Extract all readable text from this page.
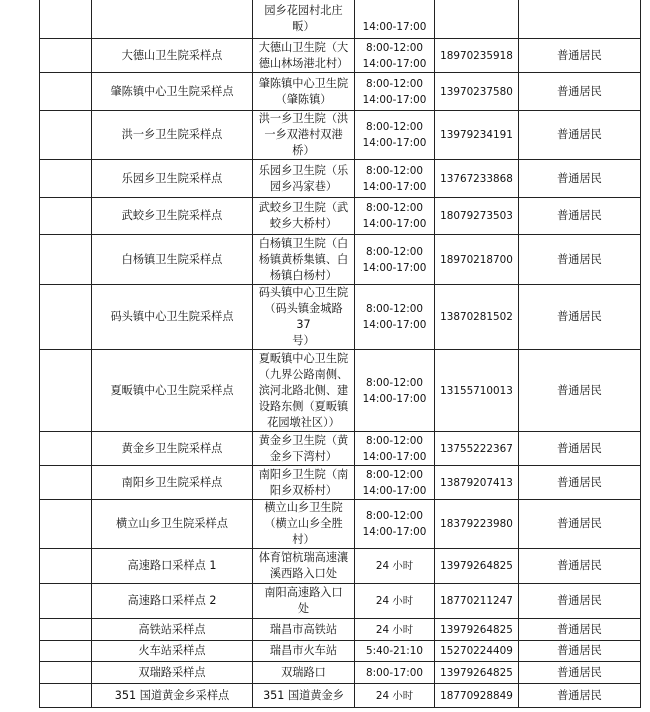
		园乡花园村北庄
畈）	
14:00-17:00		
	大德山卫生院采样点	大德山卫生院（大
德山林场港北村）	8:00-12:00
14:00-17:00	18970235918	普通居民
	肇陈镇中心卫生院采样点	肇陈镇中心卫生院
（肇陈镇）	8:00-12:00
14:00-17:00	13970237580	普通居民
	洪一乡卫生院采样点	洪一乡卫生院（洪
一乡双港村双港
桥）	8:00-12:00
14:00-17:00	13979234191	普通居民
	乐园乡卫生院采样点	乐园乡卫生院（乐
园乡冯家巷）	8:00-12:00
14:00-17:00	13767233868	普通居民
	武蛟乡卫生院采样点	武蛟乡卫生院（武
蛟乡大桥村）	8:00-12:00
14:00-17:00	18079273503	普通居民
	白杨镇卫生院采样点	白杨镇卫生院（白
杨镇黄桥集镇、白
杨镇白杨村）	8:00-12:00
14:00-17:00	18970218700	普通居民
	码头镇中心卫生院采样点	码头镇中心卫生院
（码头镇金城路 37
号）	8:00-12:00
14:00-17:00	13870281502	普通居民
	夏畈镇中心卫生院采样点	夏畈镇中心卫生院
（九界公路南侧、
滨河北路北侧、建
设路东侧（夏畈镇
花园墩社区））	8:00-12:00
14:00-17:00	13155710013	普通居民
	黄金乡卫生院采样点	黄金乡卫生院（黄
金乡下湾村）	8:00-12:00
14:00-17:00	13755222367	普通居民
	南阳乡卫生院采样点	南阳乡卫生院（南
阳乡双桥村）	8:00-12:00
14:00-17:00	13879207413	普通居民
	横立山乡卫生院采样点	横立山乡卫生院
（横立山乡全胜
村）	8:00-12:00
14:00-17:00	18379223980	普通居民
	高速路口采样点 1	体育馆杭瑞高速瀼
溪西路入口处	24 小时	13979264825	普通居民
	高速路口采样点 2	南阳高速路入口
处	24 小时	18770211247	普通居民
	高铁站采样点	瑞昌市高铁站	24 小时	13979264825	普通居民
	火车站采样点	瑞昌市火车站	5:40-21:10	15270224409	普通居民
	双瑞路采样点	双瑞路口	8:00-17:00	13979264825	普通居民
	351 国道黄金乡采样点	351 国道黄金乡	24 小时	18770928849	普通居民
